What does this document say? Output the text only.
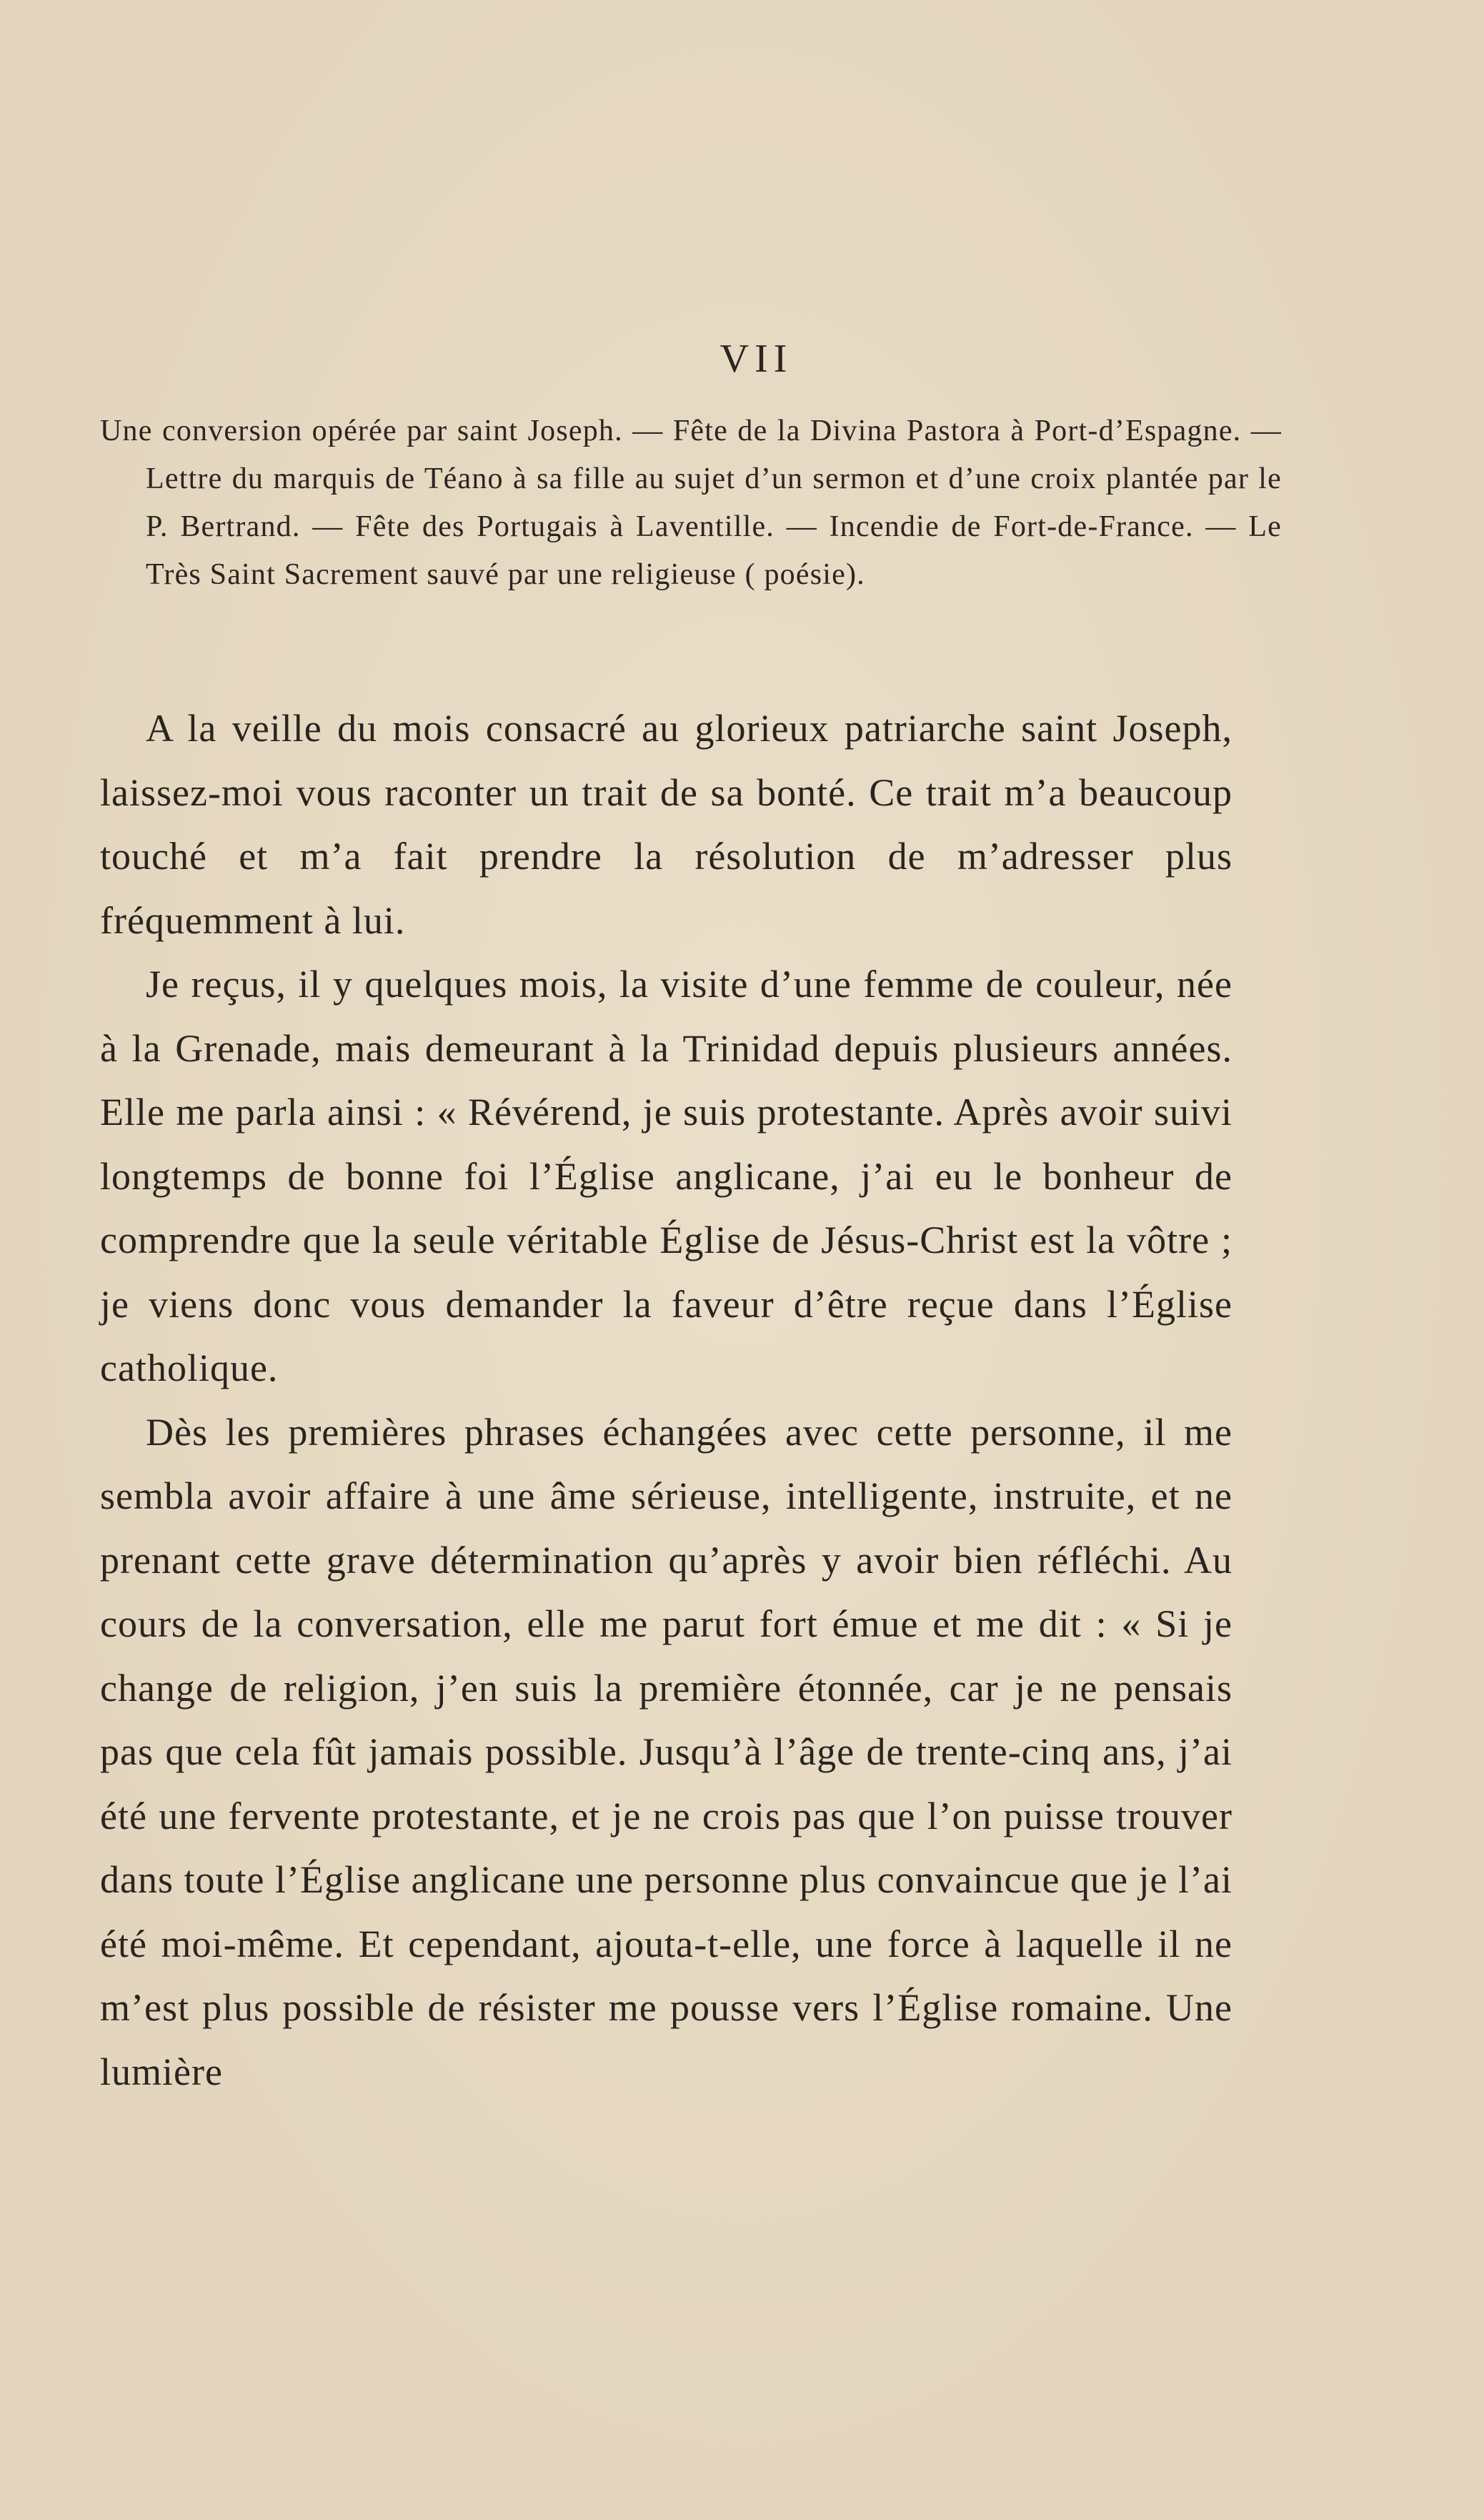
VII
Une conversion opérée par saint Joseph. — Fête de la Divina Pastora à Port-d’Espagne. — Lettre du marquis de Téano à sa fille au sujet d’un sermon et d’une croix plantée par le P. Bertrand. — Fête des Portugais à Laventille. — Incendie de Fort-de-France. — Le Très Saint Sacrement sauvé par une religieuse ( poésie).

A la veille du mois consacré au glorieux patriarche saint Joseph, laissez-moi vous raconter un trait de sa bonté. Ce trait m’a beaucoup touché et m’a fait prendre la résolution de m’adresser plus fréquemment à lui.

Je reçus, il y quelques mois, la visite d’une femme de couleur, née à la Grenade, mais demeurant à la Trinidad depuis plusieurs années. Elle me parla ainsi : « Révérend, je suis protestante. Après avoir suivi longtemps de bonne foi l’Église anglicane, j’ai eu le bonheur de comprendre que la seule véritable Église de Jésus-Christ est la vôtre ; je viens donc vous demander la faveur d’être reçue dans l’Église catholique.

Dès les premières phrases échangées avec cette personne, il me sembla avoir affaire à une âme sérieuse, intelligente, instruite, et ne prenant cette grave détermination qu’après y avoir bien réfléchi. Au cours de la conversation, elle me parut fort émue et me dit : « Si je change de religion, j’en suis la première étonnée, car je ne pensais pas que cela fût jamais possible. Jusqu’à l’âge de trente-cinq ans, j’ai été une fervente protestante, et je ne crois pas que l’on puisse trouver dans toute l’Église anglicane une personne plus convaincue que je l’ai été moi-même. Et cependant, ajouta-t-elle, une force à laquelle il ne m’est plus possible de résister me pousse vers l’Église romaine. Une lumière
